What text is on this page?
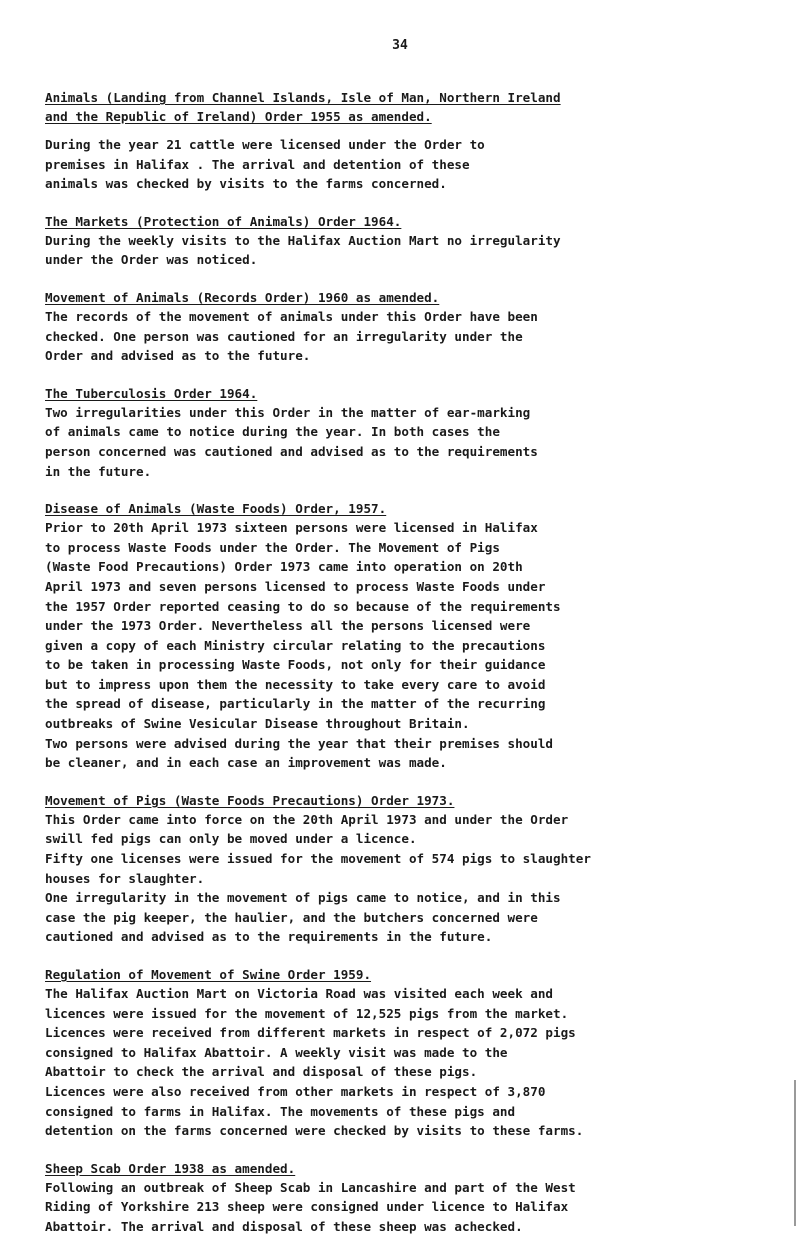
34

Animals (Landing from Channel Islands, Isle of Man, Northern Ireland
and the Republic of Ireland) Order 1955 as amended.

During the year 21 cattle were licensed under the Order to
premises in Halifax . The arrival and detention of these
animals was checked by visits to the farms concerned.

The Markets (Protection of Animals) Order 1964.

During the weekly visits to the Halifax Auction Mart no irregularity
under the Order was noticed.

Movement of Animals (Records Order) 1960 as amended.

The records of the movement of animals under this Order have been
checked. One person was cautioned for an irregularity under the
Order and advised as to the future.

The Tuberculosis Order 1964.

Two irregularities under this Order in the matter of ear-marking
of animals came to notice during the year. In both cases the
person concerned was cautioned and advised as to the requirements
in the future.

Disease of Animals (Waste Foods) Order, 1957.

Prior to 20th April 1973 sixteen persons were licensed in Halifax
to process Waste Foods under the Order. The Movement of Pigs
(Waste Food Precautions) Order 1973 came into operation on 20th
April 1973 and seven persons licensed to process Waste Foods under
the 1957 Order reported ceasing to do so because of the requirements
under the 1973 Order. Nevertheless all the persons licensed were
given a copy of each Ministry circular relating to the precautions
to be taken in processing Waste Foods, not only for their guidance
but to impress upon them the necessity to take every care to avoid
the spread of disease, particularly in the matter of the recurring
outbreaks of Swine Vesicular Disease throughout Britain.
Two persons were advised during the year that their premises should
be cleaner, and in each case an improvement was made.

Movement of Pigs (Waste Foods Precautions) Order 1973.

This Order came into force on the 20th April 1973 and under the Order
swill fed pigs can only be moved under a licence.
Fifty one licenses were issued for the movement of 574 pigs to slaughter
houses for slaughter.
One irregularity in the movement of pigs came to notice, and in this
case the pig keeper, the haulier, and the butchers concerned were
cautioned and advised as to the requirements in the future.

Regulation of Movement of Swine Order 1959.

The Halifax Auction Mart on Victoria Road was visited each week and
licences were issued for the movement of 12,525 pigs from the market.
Licences were received from different markets in respect of 2,072 pigs
consigned to Halifax Abattoir. A weekly visit was made to the
Abattoir to check the arrival and disposal of these pigs.
Licences were also received from other markets in respect of 3,870
consigned to farms in Halifax. The movements of these pigs and
detention on the farms concerned were checked by visits to these farms.

Sheep Scab Order 1938 as amended.

Following an outbreak of Sheep Scab in Lancashire and part of the West
Riding of Yorkshire 213 sheep were consigned under licence to Halifax
Abattoir. The arrival and disposal of these sheep was achecked.
